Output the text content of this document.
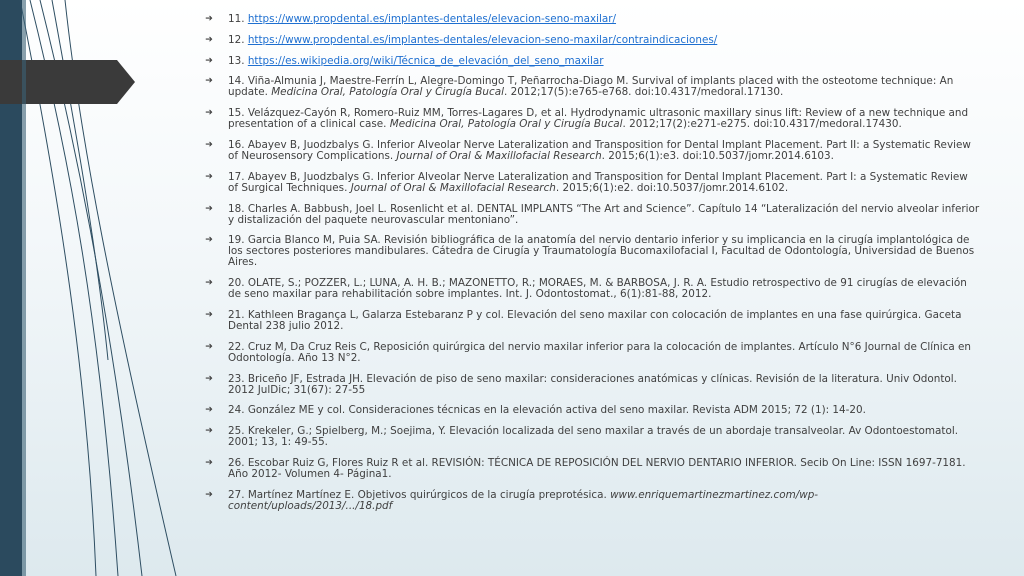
➔	11. https://www.propdental.es/implantes-dentales/elevacion-seno-maxilar/
➔	12. https://www.propdental.es/implantes-dentales/elevacion-seno-maxilar/contraindicaciones/
➔	13. https://es.wikipedia.org/wiki/Técnica_de_elevación_del_seno_maxilar
➔	14. Viña-Almunia J, Maestre-Ferrín L, Alegre-Domingo T, Peñarrocha-Diago M. Survival of implants placed with the osteotome technique: An update. Medicina Oral, Patología Oral y Cirugía Bucal. 2012;17(5):e765-e768. doi:10.4317/medoral.17130.
➔	15. Velázquez-Cayón R, Romero-Ruiz MM, Torres-Lagares D, et al. Hydrodynamic ultrasonic maxillary sinus lift: Review of a new technique and presentation of a clinical case. Medicina Oral, Patología Oral y Cirugía Bucal. 2012;17(2):e271-e275. doi:10.4317/medoral.17430.
➔	16. Abayev B, Juodzbalys G. Inferior Alveolar Nerve Lateralization and Transposition for Dental Implant Placement. Part II: a Systematic Review of Neurosensory Complications. Journal of Oral & Maxillofacial Research. 2015;6(1):e3. doi:10.5037/jomr.2014.6103.
➔	17. Abayev B, Juodzbalys G. Inferior Alveolar Nerve Lateralization and Transposition for Dental Implant Placement. Part I: a Systematic Review of Surgical Techniques. Journal of Oral & Maxillofacial Research. 2015;6(1):e2. doi:10.5037/jomr.2014.6102.
➔	18. Charles A. Babbush, Joel L. Rosenlicht et al. DENTAL IMPLANTS “The Art and Science”. Capítulo 14 “Lateralización del nervio alveolar inferior y distalización del paquete neurovascular mentoniano”.
➔	19. Garcia Blanco M, Puia SA. Revisión bibliográfica de la anatomía del nervio dentario inferior y su implicancia en la cirugía implantológica de los sectores posteriores mandibulares. Cátedra de Cirugía y Traumatología Bucomaxilofacial I, Facultad de Odontología, Universidad de Buenos Aires.
➔	20. OLATE, S.; POZZER, L.; LUNA, A. H. B.; MAZONETTO, R.; MORAES, M. & BARBOSA, J. R. A. Estudio retrospectivo de 91 cirugías de elevación de seno maxilar para rehabilitación sobre implantes. Int. J. Odontostomat., 6(1):81-88, 2012.
➔	21. Kathleen Bragança L, Galarza Estebaranz P y col. Elevación del seno maxilar con colocación de implantes en una fase quirúrgica. Gaceta Dental 238 julio 2012.
➔	22. Cruz M, Da Cruz Reis C, Reposición quirúrgica del nervio maxilar inferior para la colocación de implantes. Artículo N°6 Journal de Clínica en Odontología. Año 13 N°2.
➔	23. Briceño JF, Estrada JH. Elevación de piso de seno maxilar: consideraciones anatómicas y clínicas. Revisión de la literatura. Univ Odontol. 2012 JulDic; 31(67): 27-55
➔	24. González ME y col. Consideraciones técnicas en la elevación activa del seno maxilar. Revista ADM 2015; 72 (1): 14-20.
➔	25. Krekeler, G.; Spielberg, M.; Soejima, Y. Elevación localizada del seno maxilar a través de un abordaje transalveolar. Av Odontoestomatol. 2001; 13, 1: 49-55.
➔	26. Escobar Ruiz G, Flores Ruiz R et al. REVISIÓN: TÉCNICA DE REPOSICIÓN DEL NERVIO DENTARIO INFERIOR. Secib On Line: ISSN 1697-7181. Año 2012- Volumen 4- Página1.
➔	27. Martínez Martínez E. Objetivos quirúrgicos de la cirugía preprotésica. www.enriquemartinezmartinez.com/wp-content/uploads/2013/.../18.pdf
